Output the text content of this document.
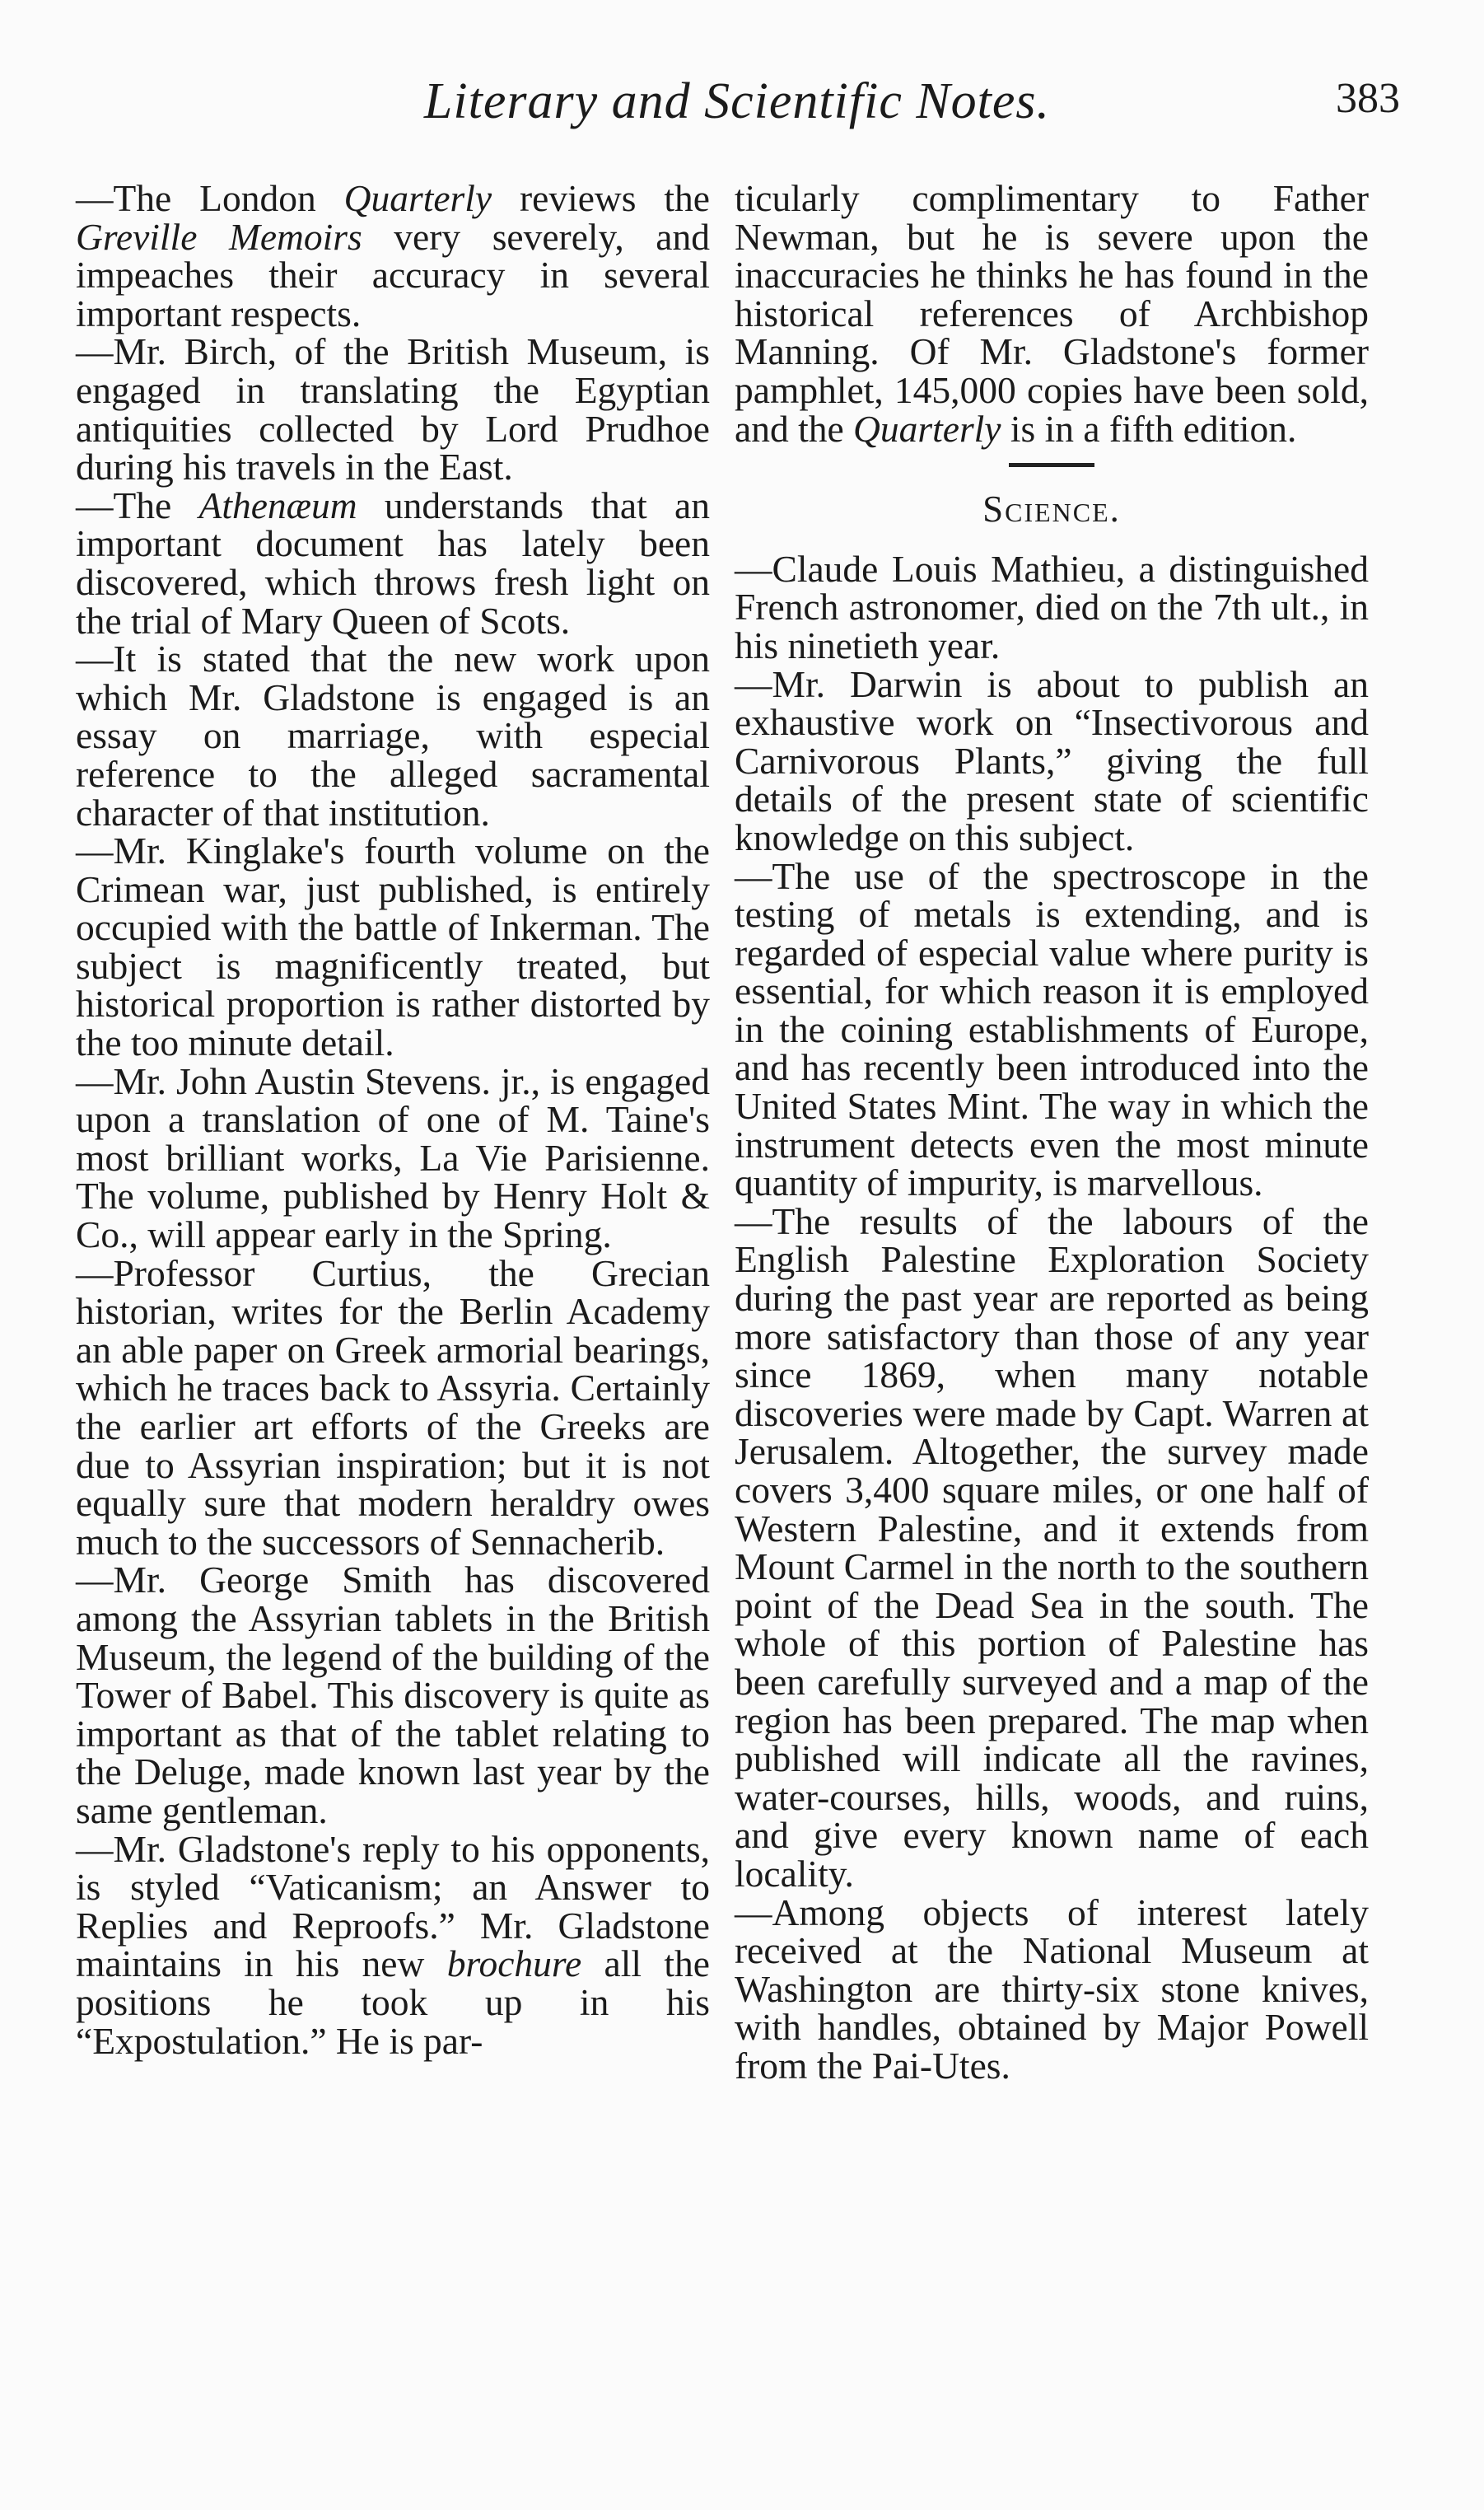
Literary and Scientific Notes.	383

—The London Quarterly reviews the Greville Memoirs very severely, and impeaches their accuracy in several important respects.

—Mr. Birch, of the British Museum, is engaged in translating the Egyptian antiquities collected by Lord Prudhoe during his travels in the East.

—The Athenæum understands that an important document has lately been discovered, which throws fresh light on the trial of Mary Queen of Scots.

—It is stated that the new work upon which Mr. Gladstone is engaged is an essay on marriage, with especial reference to the alleged sacramental character of that institution.

—Mr. Kinglake's fourth volume on the Crimean war, just published, is entirely occupied with the battle of Inkerman. The subject is magnificently treated, but historical proportion is rather distorted by the too minute detail.

—Mr. John Austin Stevens. jr., is engaged upon a translation of one of M. Taine's most brilliant works, La Vie Parisienne. The volume, published by Henry Holt & Co., will appear early in the Spring.

—Professor Curtius, the Grecian historian, writes for the Berlin Academy an able paper on Greek armorial bearings, which he traces back to Assyria. Certainly the earlier art efforts of the Greeks are due to Assyrian inspiration; but it is not equally sure that modern heraldry owes much to the successors of Sennacherib.

—Mr. George Smith has discovered among the Assyrian tablets in the British Museum, the legend of the building of the Tower of Babel. This discovery is quite as important as that of the tablet relating to the Deluge, made known last year by the same gentleman.

—Mr. Gladstone's reply to his opponents, is styled “Vaticanism; an Answer to Replies and Reproofs.” Mr. Gladstone maintains in his new brochure all the positions he took up in his “Expostulation.” He is par-

ticularly complimentary to Father Newman, but he is severe upon the inaccuracies he thinks he has found in the historical references of Archbishop Manning. Of Mr. Gladstone's former pamphlet, 145,000 copies have been sold, and the Quarterly is in a fifth edition.

Science.

—Claude Louis Mathieu, a distinguished French astronomer, died on the 7th ult., in his ninetieth year.

—Mr. Darwin is about to publish an exhaustive work on “Insectivorous and Carnivorous Plants,” giving the full details of the present state of scientific knowledge on this subject.

—The use of the spectroscope in the testing of metals is extending, and is regarded of especial value where purity is essential, for which reason it is employed in the coining establishments of Europe, and has recently been introduced into the United States Mint. The way in which the instrument detects even the most minute quantity of impurity, is marvellous.

—The results of the labours of the English Palestine Exploration Society during the past year are reported as being more satisfactory than those of any year since 1869, when many notable discoveries were made by Capt. Warren at Jerusalem. Altogether, the survey made covers 3,400 square miles, or one half of Western Palestine, and it extends from Mount Carmel in the north to the southern point of the Dead Sea in the south. The whole of this portion of Palestine has been carefully surveyed and a map of the region has been prepared. The map when published will indicate all the ravines, water-courses, hills, woods, and ruins, and give every known name of each locality.

—Among objects of interest lately received at the National Museum at Washington are thirty-six stone knives, with handles, obtained by Major Powell from the Pai-Utes.
